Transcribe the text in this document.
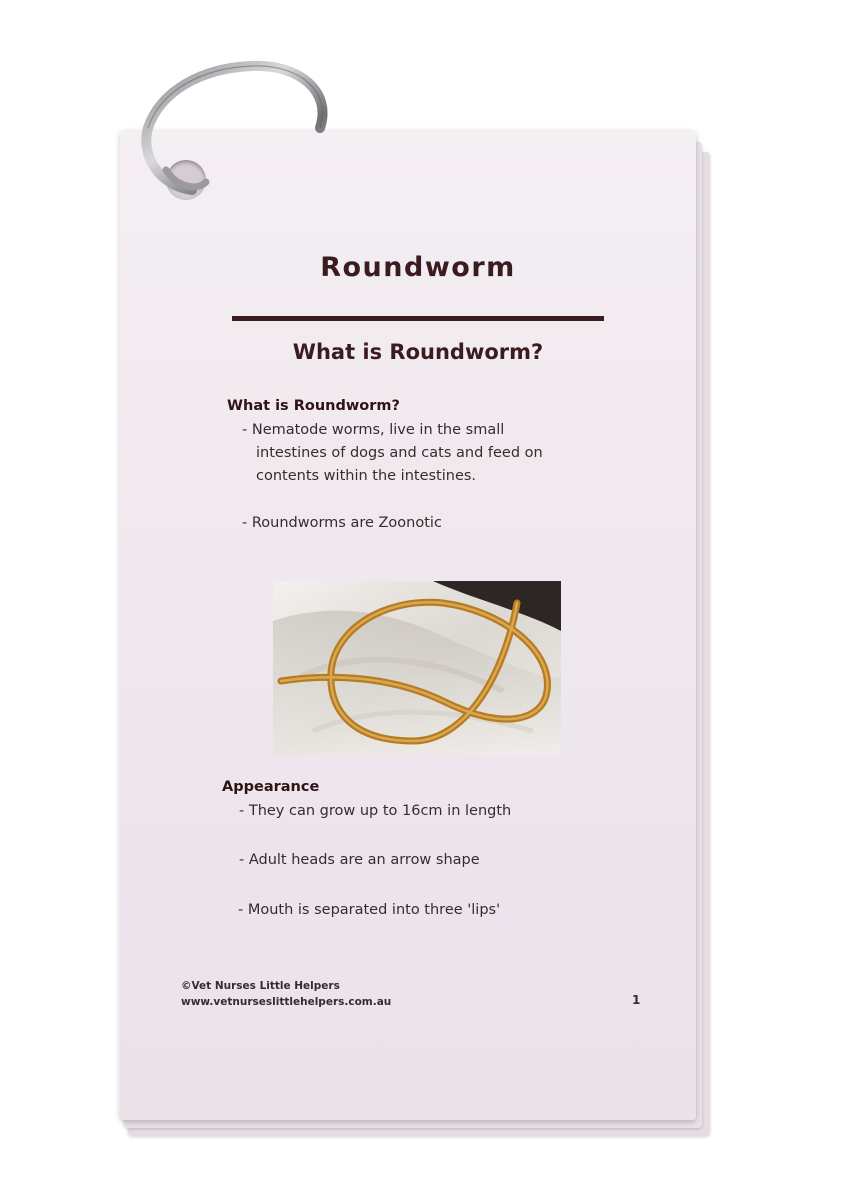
Roundworm
What is Roundworm?
What is Roundworm?
- Nematode worms, live in the small
intestines of dogs and cats and feed on
contents within the intestines.
- Roundworms are Zoonotic
Appearance
- They can grow up to 16cm in length
- Adult heads are an arrow shape
- Mouth is separated into three 'lips'
©Vet Nurses Little Helpers
www.vetnurseslittlehelpers.com.au	1
